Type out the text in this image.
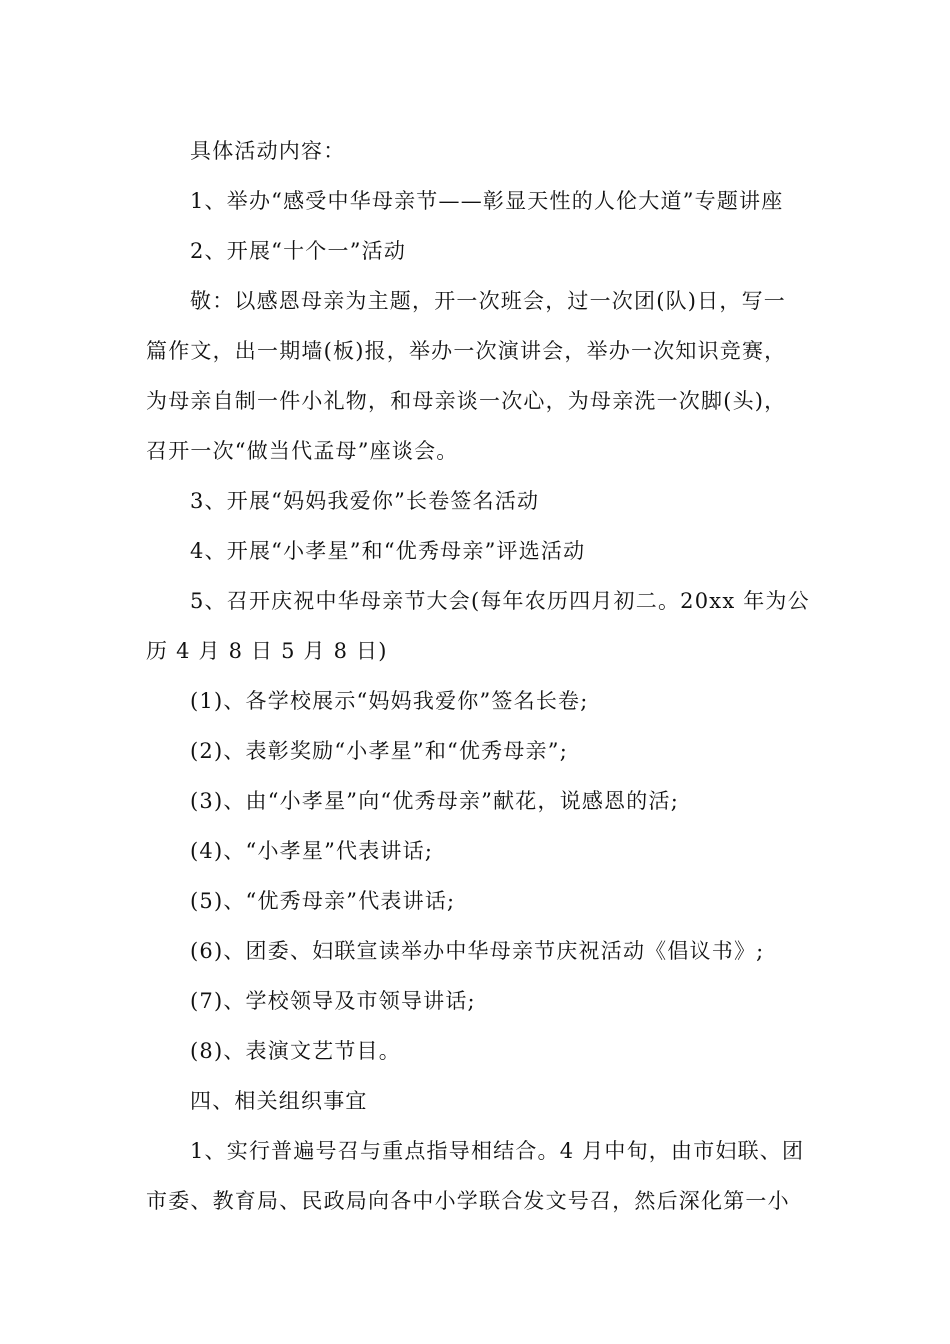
具体活动内容：
1、举办“感受中华母亲节——彰显天性的人伦大道”专题讲座
2、开展“十个一”活动
敬：以感恩母亲为主题，开一次班会，过一次团(队)日，写一
篇作文，出一期墙(板)报，举办一次演讲会，举办一次知识竞赛，
为母亲自制一件小礼物，和母亲谈一次心，为母亲洗一次脚(头)，
召开一次“做当代孟母”座谈会。
3、开展“妈妈我爱你”长卷签名活动
4、开展“小孝星”和“优秀母亲”评选活动
5、召开庆祝中华母亲节大会(每年农历四月初二。20xx 年为公
历 4 月 8 日 5 月 8 日)
(1)、各学校展示“妈妈我爱你”签名长卷;
(2)、表彰奖励“小孝星”和“优秀母亲”;
(3)、由“小孝星”向“优秀母亲”献花，说感恩的活;
(4)、“小孝星”代表讲话;
(5)、“优秀母亲”代表讲话;
(6)、团委、妇联宣读举办中华母亲节庆祝活动《倡议书》;
(7)、学校领导及市领导讲话;
(8)、表演文艺节目。
四、相关组织事宜
1、实行普遍号召与重点指导相结合。4 月中旬，由市妇联、团
市委、教育局、民政局向各中小学联合发文号召，然后深化第一小
